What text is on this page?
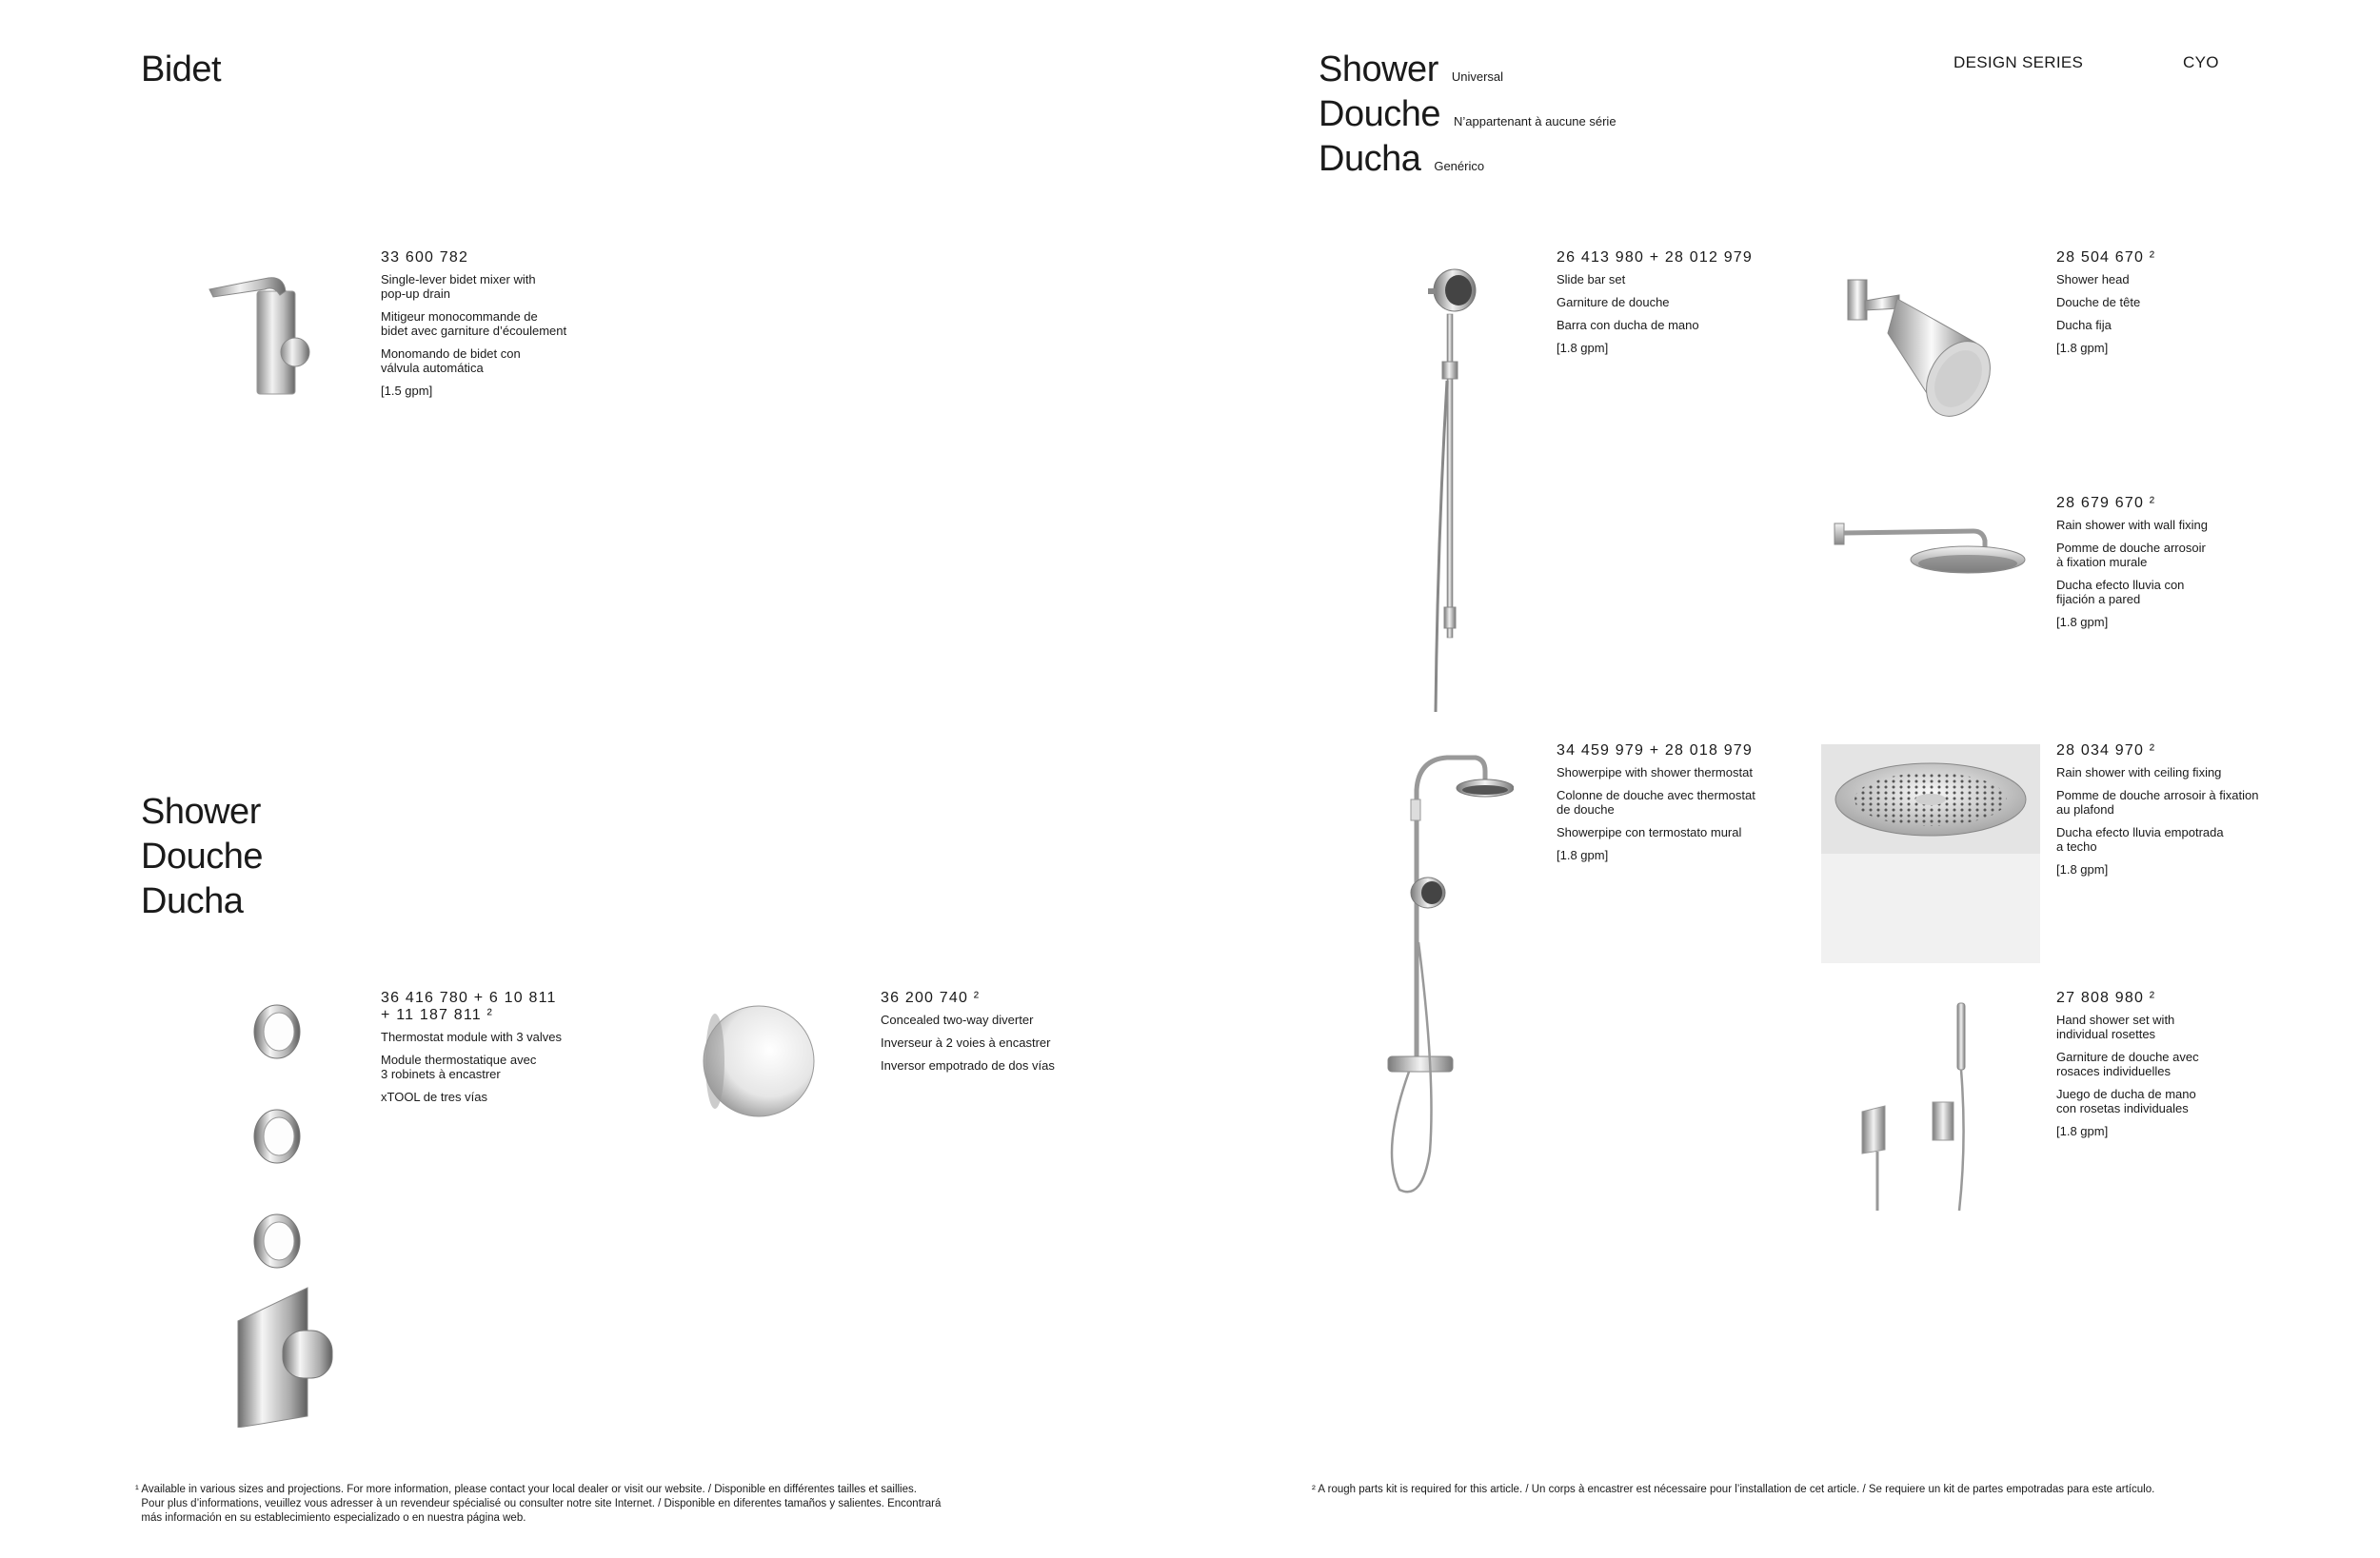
Bidet
33 600 782
Single-lever bidet mixer with
pop-up drain
Mitigeur monocommande de
bidet avec garniture d’écoulement
Monomando de bidet con
válvula automática
[1.5 gpm]
Shower
Douche
Ducha
36 416 780 + 6 10 811
+ 11 187 811 ²
Thermostat module with 3 valves
Module thermostatique avec
3 robinets à encastrer
xTOOL de tres vías
36 200 740 ²
Concealed two-way diverter
Inverseur à 2 voies à encastrer
Inversor empotrado de dos vías
¹ Available in various sizes and projections. For more information, please contact your local dealer or visit our website. / Disponible en différentes tailles et saillies.
Pour plus d’informations, veuillez vous adresser à un revendeur spécialisé ou consulter notre site Internet. / Disponible en diferentes tamaños y salientes. Encontrará
más información en su establecimiento especializado o en nuestra página web.
Shower Universal
Douche N’appartenant à aucune série
Ducha Genérico
DESIGN SERIES	CYO
26 413 980 + 28 012 979
Slide bar set
Garniture de douche
Barra con ducha de mano
[1.8 gpm]
28 504 670 ²
Shower head
Douche de tête
Ducha fija
[1.8 gpm]
28 679 670 ²
Rain shower with wall fixing
Pomme de douche arrosoir
à fixation murale
Ducha efecto lluvia con
fijación a pared
[1.8 gpm]
34 459 979 + 28 018 979
Showerpipe with shower thermostat
Colonne de douche avec thermostat
de douche
Showerpipe con termostato mural
[1.8 gpm]
28 034 970 ²
Rain shower with ceiling fixing
Pomme de douche arrosoir à fixation
au plafond
Ducha efecto lluvia empotrada
a techo
[1.8 gpm]
27 808 980 ²
Hand shower set with
individual rosettes
Garniture de douche avec
rosaces individuelles
Juego de ducha de mano
con rosetas individuales
[1.8 gpm]
² A rough parts kit is required for this article. / Un corps à encastrer est nécessaire pour l’installation de cet article. / Se requiere un kit de partes empotradas para este artículo.
